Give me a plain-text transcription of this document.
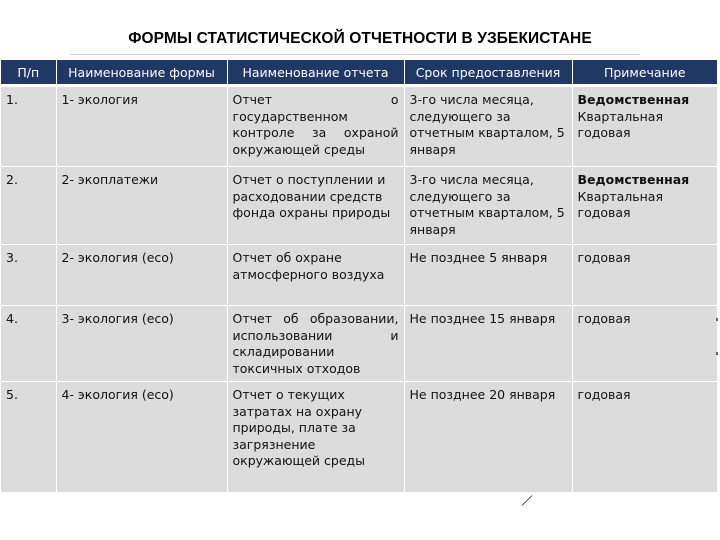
ФОРМЫ СТАТИСТИЧЕСКОЙ ОТЧЕТНОСТИ В УЗБЕКИСТАНЕ
П/п	Наименование формы	Наименование отчета	Срок предоставления	Примечание
1.	1- экология	Отчет о государственном контроле за охраной окружающей среды	3-го числа месяца, следующего за отчетным кварталом, 5 января	Ведомственная
Квартальная годовая

2.	2- экоплатежи	Отчет о поступлении и расходовании средств фонда охраны природы	3-го числа месяца, следующего за отчетным кварталом, 5 января	Ведомственная
Квартальная годовая

3.	2- экология (eco)	Отчет об охране атмосферного воздуха	Не позднее 5 января	годовая

4.	3- экология (eco)	Отчет об образовании, использовании и складировании токсичных отходов	Не позднее 15 января	годовая

5.	4- экология (eco)	Отчет о текущих затратах на охрану природы, плате за загрязнение окружающей среды	Не позднее 20 января	годовая
